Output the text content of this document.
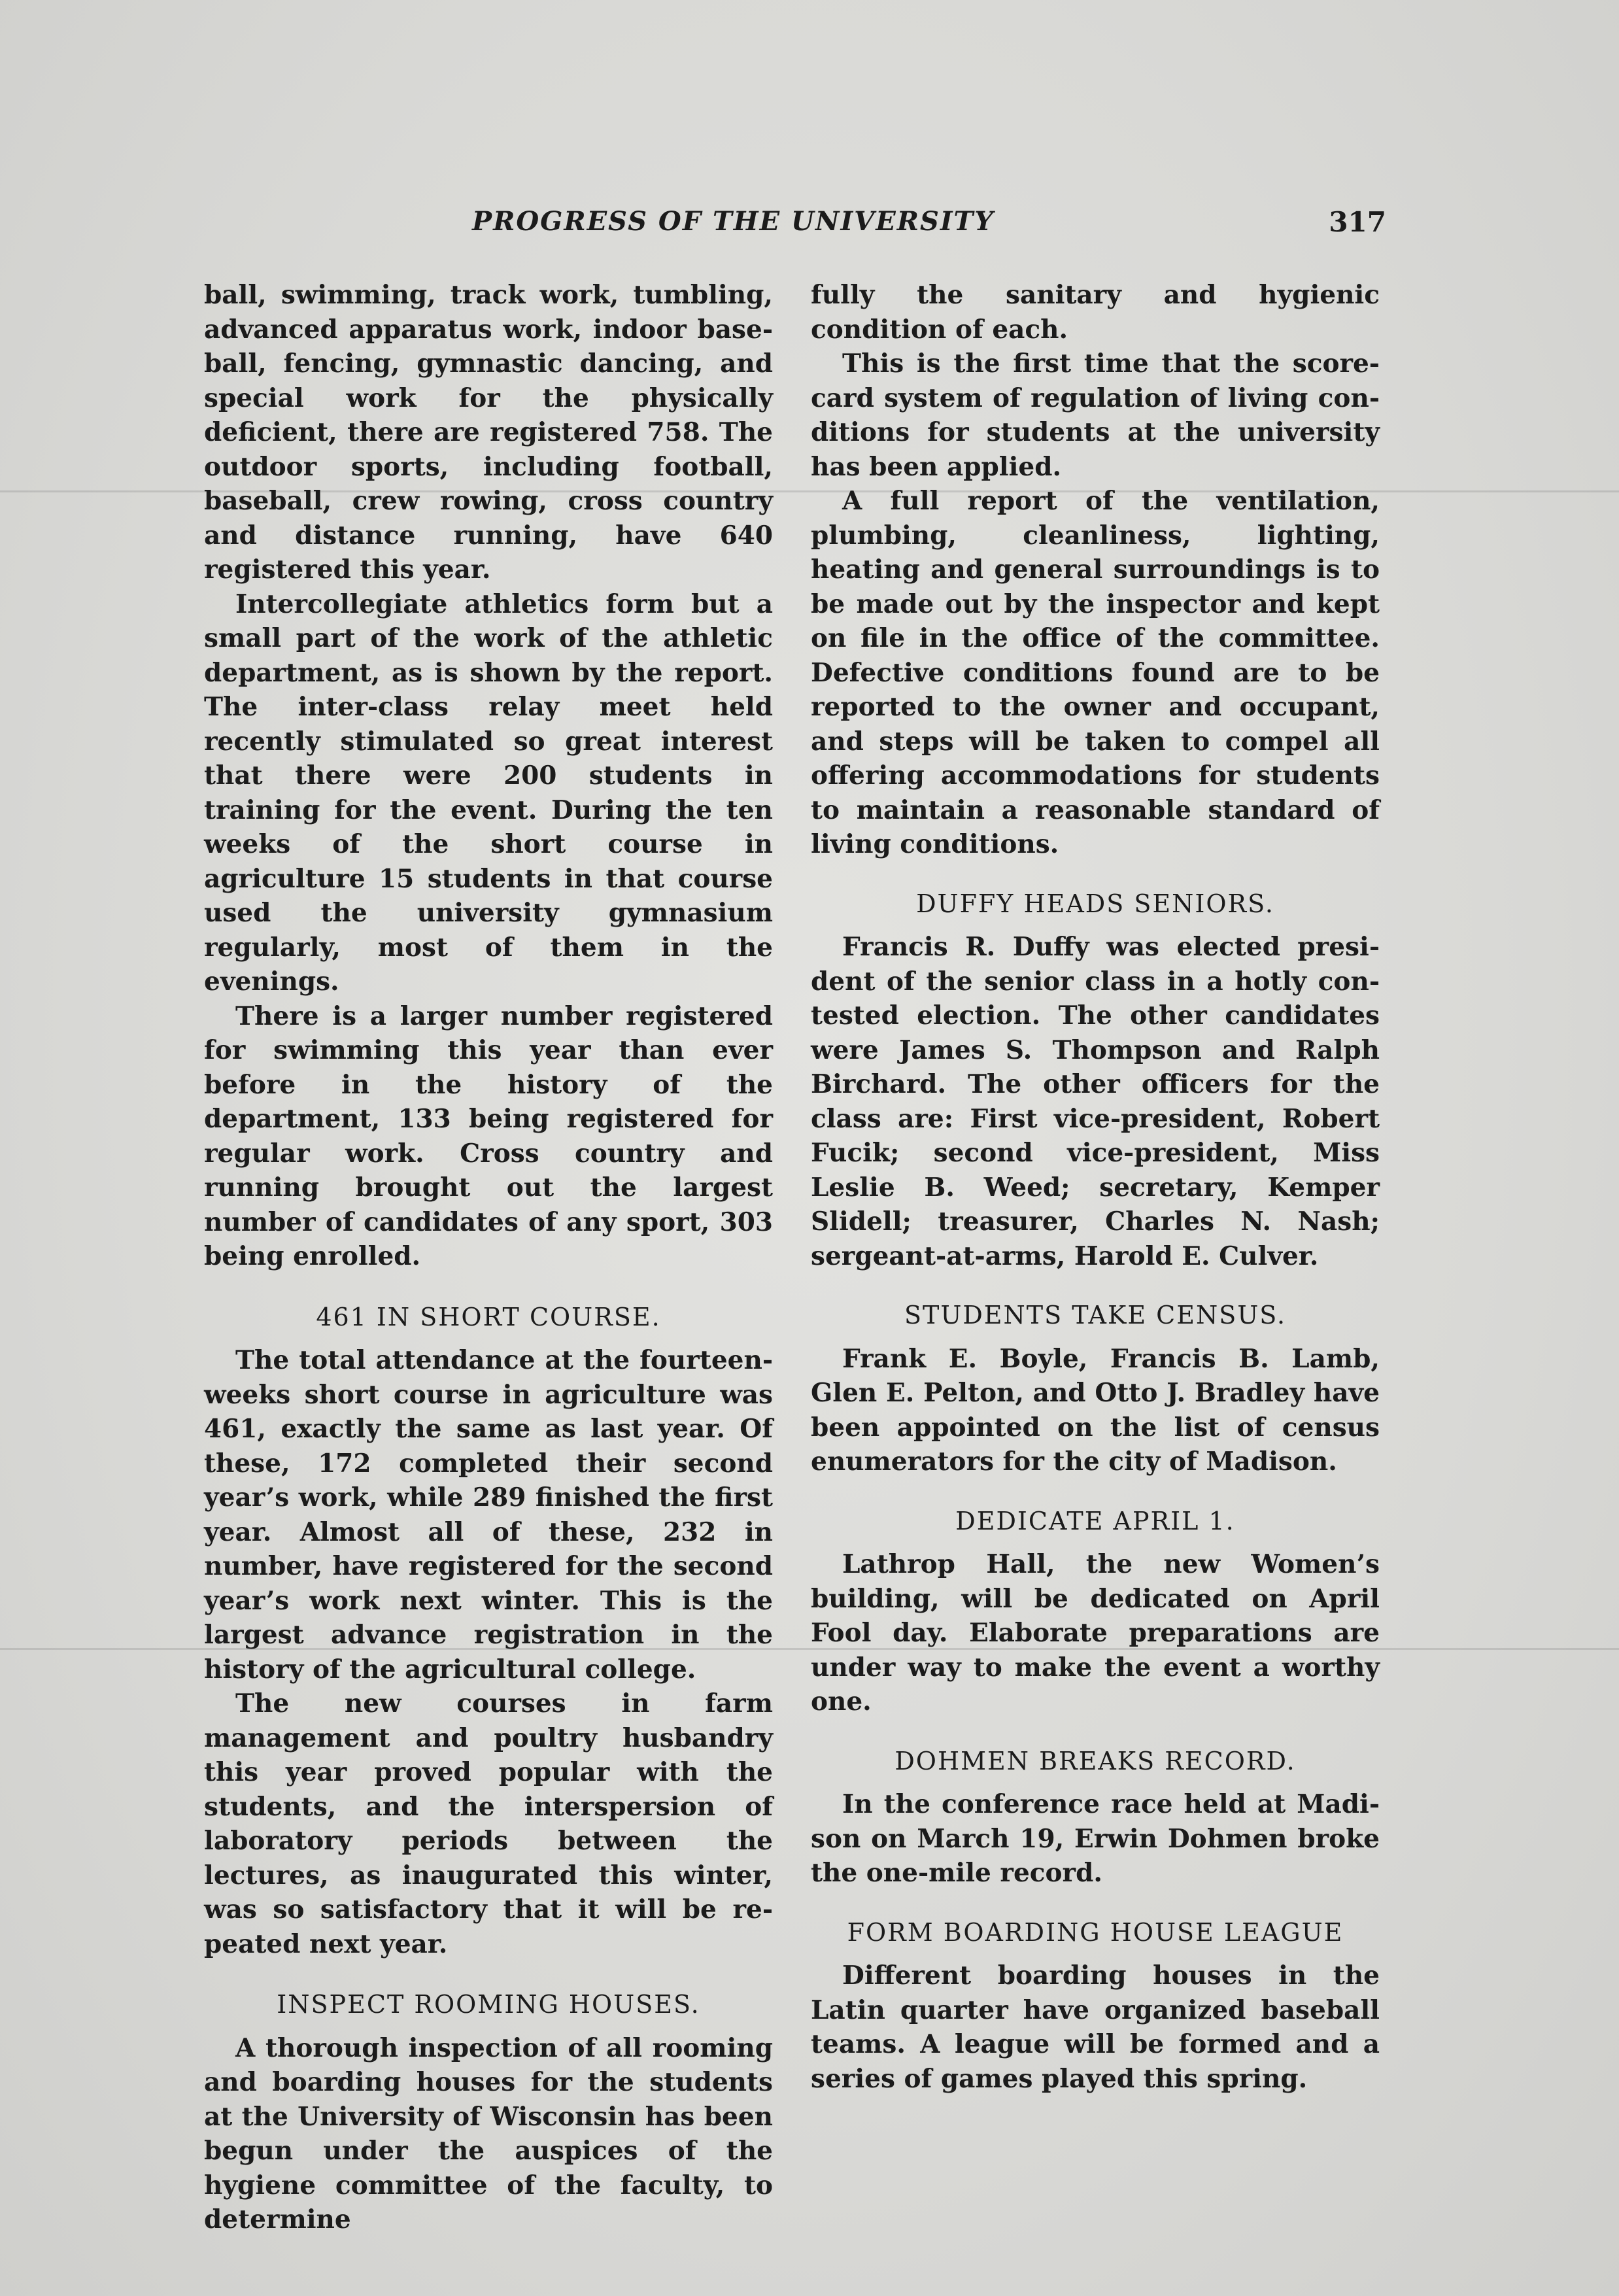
PROGRESS OF THE UNIVERSITY	317

ball, swimming, track work, tumbling, advanced apparatus work, indoor baseball, fencing, gymnastic dancing, and special work for the physically deficient, there are registered 758. The outdoor sports, including football, baseball, crew rowing, cross country and distance running, have 640 registered this year.

Intercollegiate athletics form but a small part of the work of the athletic department, as is shown by the report. The inter-class relay meet held recently stimulated so great interest that there were 200 students in training for the event. During the ten weeks of the short course in agriculture 15 students in that course used the university gymnasium regularly, most of them in the evenings.

There is a larger number registered for swimming this year than ever before in the history of the department, 133 being registered for regular work. Cross country and running brought out the largest number of candidates of any sport, 303 being enrolled.

461 IN SHORT COURSE.

The total attendance at the fourteen-weeks short course in agriculture was 461, exactly the same as last year. Of these, 172 completed their second year’s work, while 289 finished the first year. Almost all of these, 232 in number, have registered for the second year’s work next winter. This is the largest advance registration in the history of the agricultural college.

The new courses in farm management and poultry husbandry this year proved popular with the students, and the interspersion of laboratory periods between the lectures, as inaugurated this winter, was so satisfactory that it will be repeated next year.

INSPECT ROOMING HOUSES.

A thorough inspection of all rooming and boarding houses for the students at the University of Wisconsin has been begun under the auspices of the hygiene committee of the faculty, to determine

fully the sanitary and hygienic condition of each.

This is the first time that the score-card system of regulation of living conditions for students at the university has been applied.

A full report of the ventilation, plumbing, cleanliness, lighting, heating and general surroundings is to be made out by the inspector and kept on file in the office of the committee. Defective conditions found are to be reported to the owner and occupant, and steps will be taken to compel all offering accommodations for students to maintain a reasonable standard of living conditions.

DUFFY HEADS SENIORS.

Francis R. Duffy was elected president of the senior class in a hotly contested election. The other candidates were James S. Thompson and Ralph Birchard. The other officers for the class are: First vice-president, Robert Fucik; second vice-president, Miss Leslie B. Weed; secretary, Kemper Slidell; treasurer, Charles N. Nash; sergeant-at-arms, Harold E. Culver.

STUDENTS TAKE CENSUS.

Frank E. Boyle, Francis B. Lamb, Glen E. Pelton, and Otto J. Bradley have been appointed on the list of census enumerators for the city of Madison.

DEDICATE APRIL 1.

Lathrop Hall, the new Women’s building, will be dedicated on April Fool day. Elaborate preparations are under way to make the event a worthy one.

DOHMEN BREAKS RECORD.

In the conference race held at Madison on March 19, Erwin Dohmen broke the one-mile record.

FORM BOARDING HOUSE LEAGUE

Different boarding houses in the Latin quarter have organized baseball teams. A league will be formed and a series of games played this spring.
